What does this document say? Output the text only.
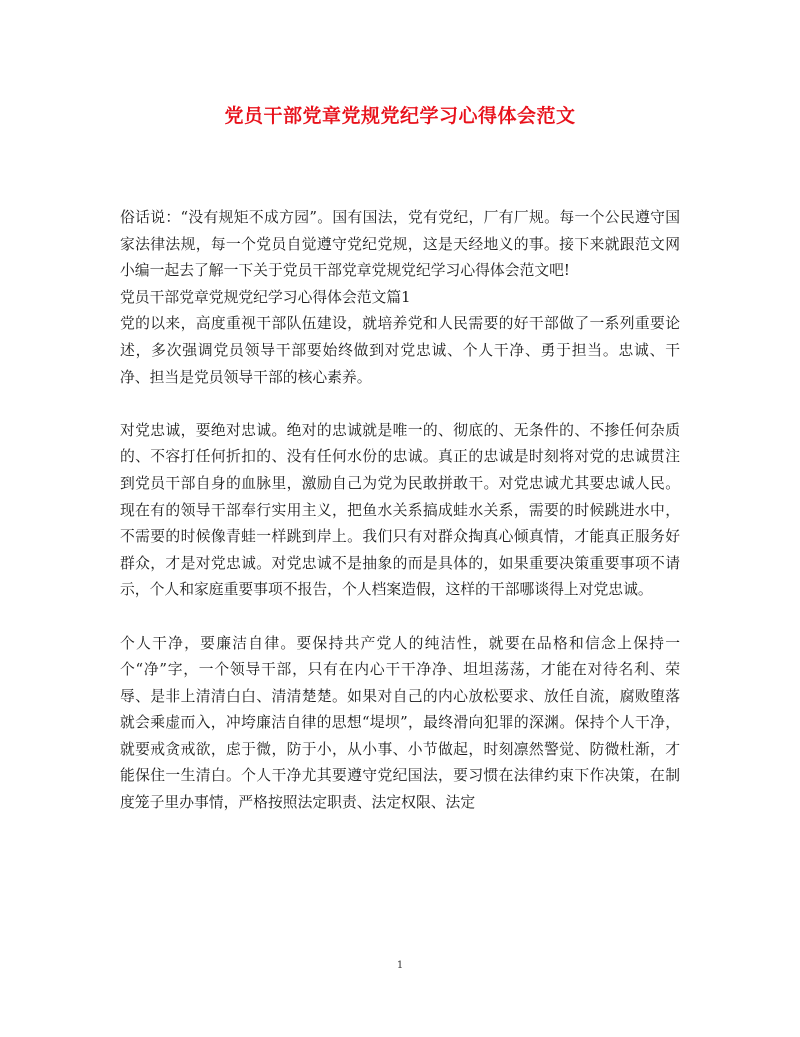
党员干部党章党规党纪学习心得体会范文

俗话说：“没有规矩不成方园”。国有国法，党有党纪，厂有厂规。每一个公民遵守国家法律法规，每一个党员自觉遵守党纪党规，这是天经地义的事。接下来就跟范文网小编一起去了解一下关于党员干部党章党规党纪学习心得体会范文吧!

党员干部党章党规党纪学习心得体会范文篇1

党的以来，高度重视干部队伍建设，就培养党和人民需要的好干部做了一系列重要论述，多次强调党员领导干部要始终做到对党忠诚、个人干净、勇于担当。忠诚、干净、担当是党员领导干部的核心素养。

对党忠诚，要绝对忠诚。绝对的忠诚就是唯一的、彻底的、无条件的、不掺任何杂质的、不容打任何折扣的、没有任何水份的忠诚。真正的忠诚是时刻将对党的忠诚贯注到党员干部自身的血脉里，激励自己为党为民敢拼敢干。对党忠诚尤其要忠诚人民。现在有的领导干部奉行实用主义，把鱼水关系搞成蛙水关系，需要的时候跳进水中，不需要的时候像青蛙一样跳到岸上。我们只有对群众掏真心倾真情，才能真正服务好群众，才是对党忠诚。对党忠诚不是抽象的而是具体的，如果重要决策重要事项不请示，个人和家庭重要事项不报告，个人档案造假，这样的干部哪谈得上对党忠诚。

个人干净，要廉洁自律。要保持共产党人的纯洁性，就要在品格和信念上保持一个“净”字，一个领导干部，只有在内心干干净净、坦坦荡荡，才能在对待名利、荣辱、是非上清清白白、清清楚楚。如果对自己的内心放松要求、放任自流，腐败堕落就会乘虚而入，冲垮廉洁自律的思想“堤坝”，最终滑向犯罪的深渊。保持个人干净，就要戒贪戒欲，虑于微，防于小，从小事、小节做起，时刻凛然警觉、防微杜渐，才能保住一生清白。个人干净尤其要遵守党纪国法，要习惯在法律约束下作决策，在制度笼子里办事情，严格按照法定职责、法定权限、法定

1
